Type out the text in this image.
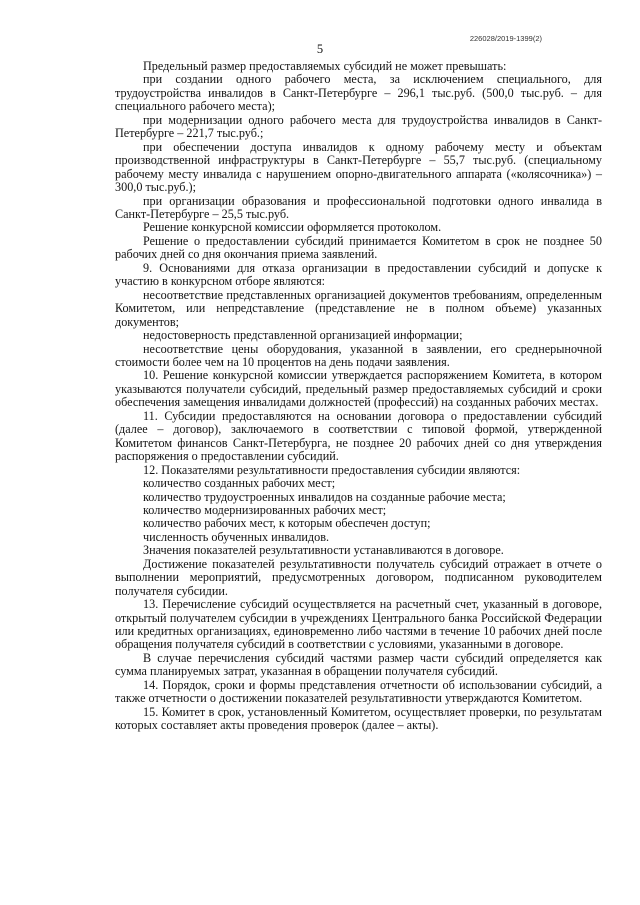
226028/2019-1399(2)
5

Предельный размер предоставляемых субсидий не может превышать:

при создании одного рабочего места, за исключением специального, для трудоустройства инвалидов в Санкт-Петербурге – 296,1 тыс.руб. (500,0 тыс.руб. – для специального рабочего места);

при модернизации одного рабочего места для трудоустройства инвалидов в Санкт-Петербурге – 221,7 тыс.руб.;

при обеспечении доступа инвалидов к одному рабочему месту и объектам производственной инфраструктуры в Санкт-Петербурге – 55,7 тыс.руб. (специальному рабочему месту инвалида с нарушением опорно-двигательного аппарата («колясочника») – 300,0 тыс.руб.);

при организации образования и профессиональной подготовки одного инвалида в Санкт-Петербурге – 25,5 тыс.руб.

Решение конкурсной комиссии оформляется протоколом.

Решение о предоставлении субсидий принимается Комитетом в срок не позднее 50 рабочих дней со дня окончания приема заявлений.

9. Основаниями для отказа организации в предоставлении субсидий и допуске к участию в конкурсном отборе являются:

несоответствие представленных организацией документов требованиям, определенным Комитетом, или непредставление (представление не в полном объеме) указанных документов;

недостоверность представленной организацией информации;

несоответствие цены оборудования, указанной в заявлении, его среднерыночной стоимости более чем на 10 процентов на день подачи заявления.

10. Решение конкурсной комиссии утверждается распоряжением Комитета, в котором указываются получатели субсидий, предельный размер предоставляемых субсидий и сроки обеспечения замещения инвалидами должностей (профессий) на созданных рабочих местах.

11. Субсидии предоставляются на основании договора о предоставлении субсидий (далее – договор), заключаемого в соответствии с типовой формой, утвержденной Комитетом финансов Санкт-Петербурга, не позднее 20 рабочих дней со дня утверждения распоряжения о предоставлении субсидий.

12. Показателями результативности предоставления субсидии являются:

количество созданных рабочих мест;

количество трудоустроенных инвалидов на созданные рабочие места;

количество модернизированных рабочих мест;

количество рабочих мест, к которым обеспечен доступ;

численность обученных инвалидов.

Значения показателей результативности устанавливаются в договоре.

Достижение показателей результативности получатель субсидий отражает в отчете о выполнении мероприятий, предусмотренных договором, подписанном руководителем получателя субсидии.

13. Перечисление субсидий осуществляется на расчетный счет, указанный в договоре, открытый получателем субсидии в учреждениях Центрального банка Российской Федерации или кредитных организациях, единовременно либо частями в течение 10 рабочих дней после обращения получателя субсидий в соответствии с условиями, указанными в договоре.

В случае перечисления субсидий частями размер части субсидий определяется как сумма планируемых затрат, указанная в обращении получателя субсидий.

14. Порядок, сроки и формы представления отчетности об использовании субсидий, а также отчетности о достижении показателей результативности утверждаются Комитетом.

15. Комитет в срок, установленный Комитетом, осуществляет проверки, по результатам которых составляет акты проведения проверок (далее – акты).
